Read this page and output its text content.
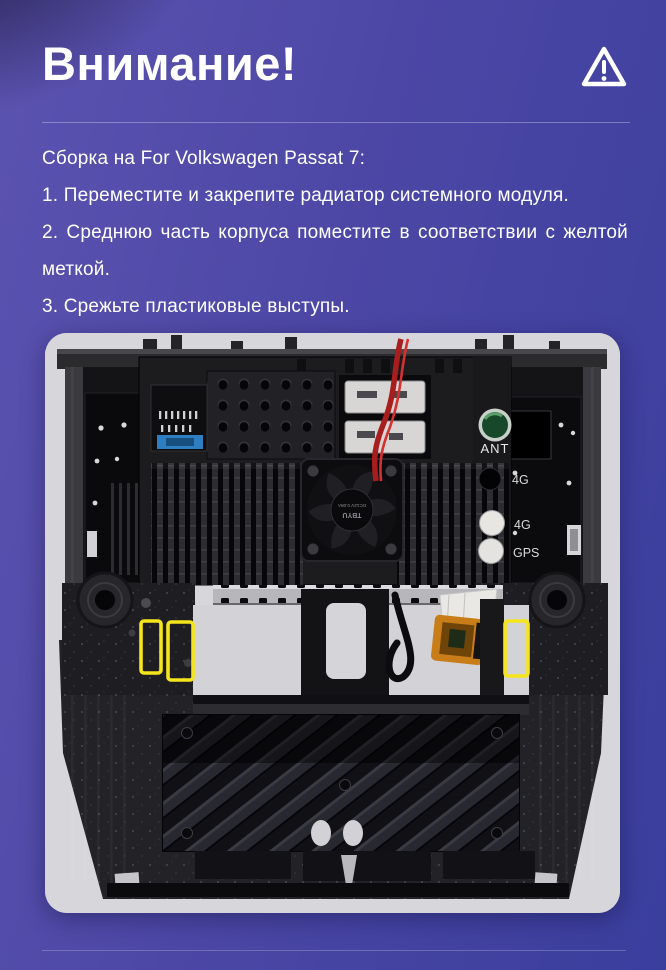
Внимание!

Сборка на For Volkswagen Passat 7:

1. Переместите и закрепите радиатор системного модуля.

2. Среднюю часть корпуса поместите в соответствии с желтой меткой.

3. Срежьте пластиковые выступы.

TBYU
DC12V 0.08A
ANT
4G
4G
GPS
